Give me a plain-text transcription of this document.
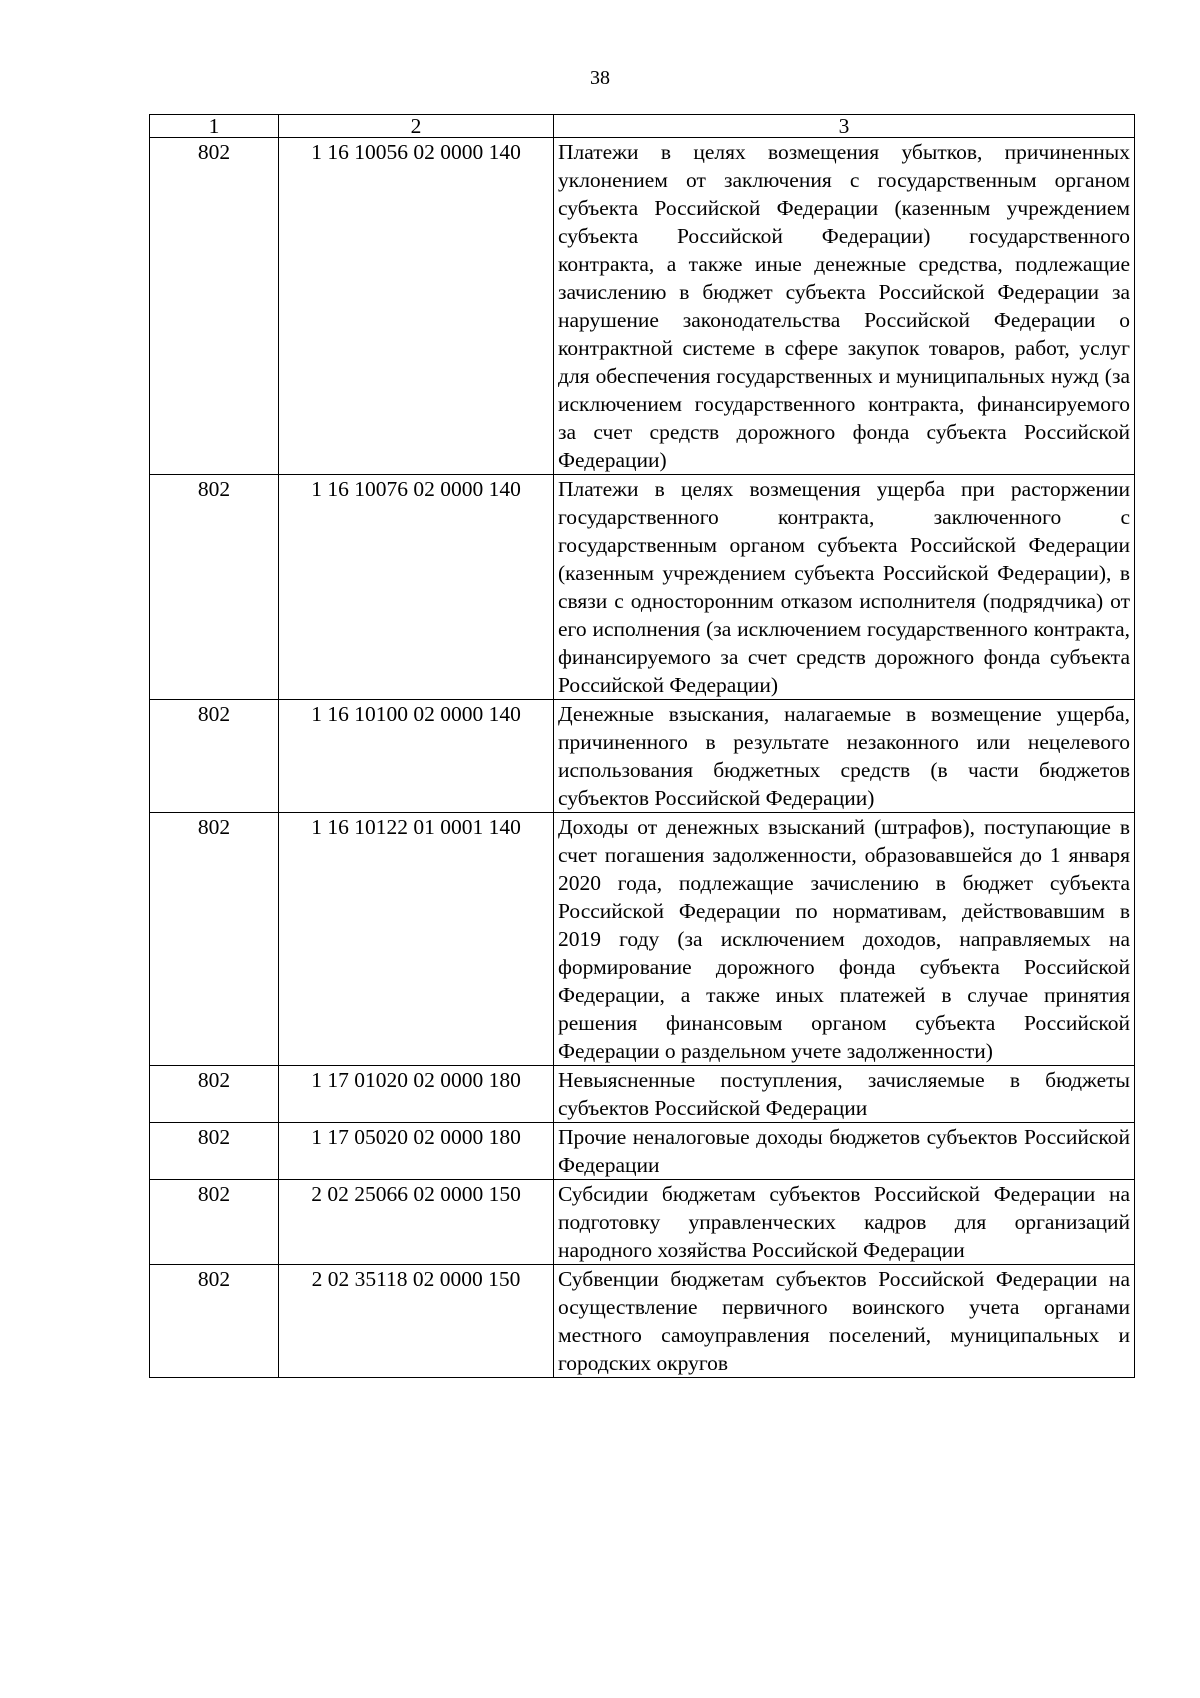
38
1	2	3
802	1 16 10056 02 0000 140	Платежи в целях возмещения убытков, причиненных уклонением от заключения с государственным органом субъекта Российской Федерации (казенным учреждением субъекта Российской Федерации) государственного контракта, а также иные денежные средства, подлежащие зачислению в бюджет субъекта Российской Федерации за нарушение законодательства Российской Федерации о контрактной системе в сфере закупок товаров, работ, услуг для обеспечения государственных и муниципальных нужд (за исключением государственного контракта, финансируемого за счет средств дорожного фонда субъекта Российской Федерации)
802	1 16 10076 02 0000 140	Платежи в целях возмещения ущерба при расторжении государственного контракта, заключенного с государственным органом субъекта Российской Федерации (казенным учреждением субъекта Российской Федерации), в связи с односторонним отказом исполнителя (подрядчика) от его исполнения (за исключением государственного контракта, финансируемого за счет средств дорожного фонда субъекта Российской Федерации)
802	1 16 10100 02 0000 140	Денежные взыскания, налагаемые в возмещение ущерба, причиненного в результате незаконного или нецелевого использования бюджетных средств (в части бюджетов субъектов Российской Федерации)
802	1 16 10122 01 0001 140	Доходы от денежных взысканий (штрафов), поступающие в счет погашения задолженности, образовавшейся до 1 января 2020 года, подлежащие зачислению в бюджет субъекта Российской Федерации по нормативам, действовавшим в 2019 году (за исключением доходов, направляемых на формирование дорожного фонда субъекта Российской Федерации, а также иных платежей в случае принятия решения финансовым органом субъекта Российской Федерации о раздельном учете задолженности)
802	1 17 01020 02 0000 180	Невыясненные поступления, зачисляемые в бюджеты субъектов Российской Федерации
802	1 17 05020 02 0000 180	Прочие неналоговые доходы бюджетов субъектов Российской Федерации
802	2 02 25066 02 0000 150	Субсидии бюджетам субъектов Российской Федерации на подготовку управленческих кадров для организаций народного хозяйства Российской Федерации
802	2 02 35118 02 0000 150	Субвенции бюджетам субъектов Российской Федерации на осуществление первичного воинского учета органами местного самоуправления поселений, муниципальных и городских округов
